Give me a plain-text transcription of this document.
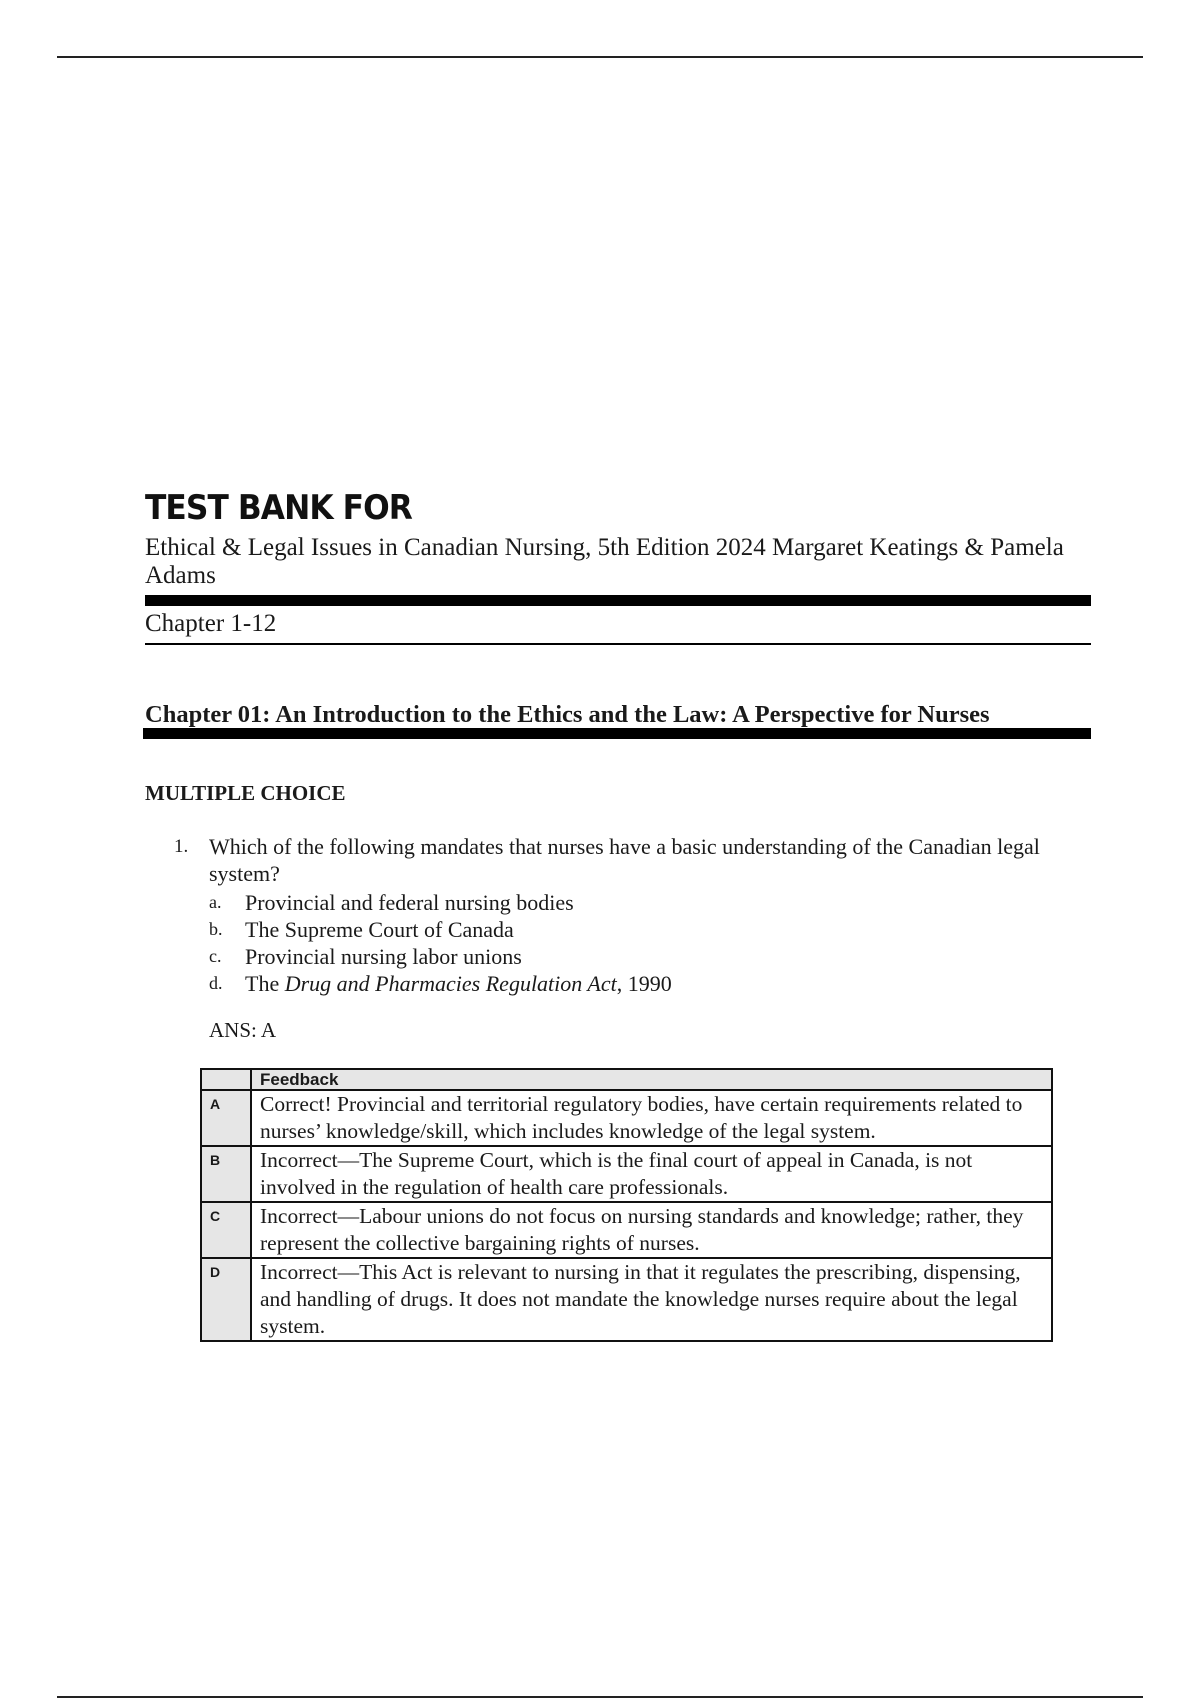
TEST BANK FOR

Ethical & Legal Issues in Canadian Nursing, 5th Edition 2024 Margaret Keatings & Pamela Adams

Chapter 1-12

Chapter 01: An Introduction to the Ethics and the Law: A Perspective for Nurses

MULTIPLE CHOICE

1. Which of the following mandates that nurses have a basic understanding of the Canadian legal system?
a.	Provincial and federal nursing bodies
b.	The Supreme Court of Canada
c.	Provincial nursing labor unions
d.	The Drug and Pharmacies Regulation Act, 1990
ANS: A
	Feedback
A	Correct! Provincial and territorial regulatory bodies, have certain requirements related to nurses’ knowledge/skill, which includes knowledge of the legal system.
B	Incorrect—The Supreme Court, which is the final court of appeal in Canada, is not involved in the regulation of health care professionals.
C	Incorrect—Labour unions do not focus on nursing standards and knowledge; rather, they represent the collective bargaining rights of nurses.
D	Incorrect—This Act is relevant to nursing in that it regulates the prescribing, dispensing, and handling of drugs. It does not mandate the knowledge nurses require about the legal system.
